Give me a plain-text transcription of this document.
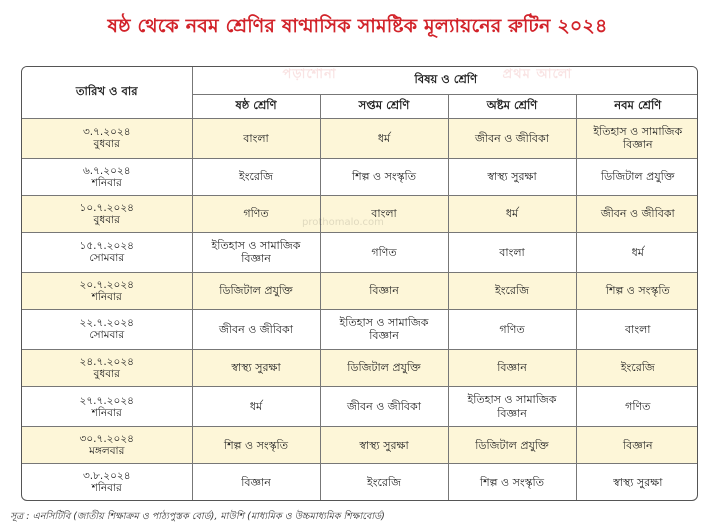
ষষ্ঠ থেকে নবম শ্রেণির ষাণ্মাসিক সামষ্টিক মূল্যায়নের রুটিন ২০২৪
তারিখ ও বার	পড়াশোনা প্রথম আলো
বিষয় ও শ্রেণি			
	ষষ্ঠ শ্রেণি	সপ্তম শ্রেণি	অষ্টম শ্রেণি	নবম শ্রেণি

৩.৭.২০২৪
বুধবার	বাংলা	ধর্ম	জীবন ও জীবিকা	ইতিহাস ও সামাজিক বিজ্ঞান

৬.৭.২০২৪
শনিবার	ইংরেজি	শিল্প ও সংস্কৃতি	স্বাস্থ্য সুরক্ষা	ডিজিটাল প্রযুক্তি

১০.৭.২০২৪
বুধবার	গণিত	বাংলা	ধর্ম	জীবন ও জীবিকা

১৫.৭.২০২৪
সোমবার	ইতিহাস ও সামাজিক বিজ্ঞান	গণিত	বাংলা	ধর্ম

২০.৭.২০২৪
শনিবার	ডিজিটাল প্রযুক্তি	বিজ্ঞান	ইংরেজি	শিল্প ও সংস্কৃতি

২২.৭.২০২৪
সোমবার	জীবন ও জীবিকা	ইতিহাস ও সামাজিক বিজ্ঞান	গণিত	বাংলা

২৪.৭.২০২৪
বুধবার	স্বাস্থ্য সুরক্ষা	ডিজিটাল প্রযুক্তি	বিজ্ঞান	ইংরেজি

২৭.৭.২০২৪
শনিবার	ধর্ম	জীবন ও জীবিকা	ইতিহাস ও সামাজিক বিজ্ঞান	গণিত

৩০.৭.২০২৪
মঙ্গলবার	শিল্প ও সংস্কৃতি	স্বাস্থ্য সুরক্ষা	ডিজিটাল প্রযুক্তি	বিজ্ঞান

৩.৮.২০২৪
শনিবার	বিজ্ঞান	ইংরেজি	শিল্প ও সংস্কৃতি	স্বাস্থ্য সুরক্ষা
সূত্র : এনসিটিবি (জাতীয় শিক্ষাক্রম ও পাঠ্যপুস্তক বোর্ড), মাউশি (মাধ্যমিক ও উচ্চমাধ্যমিক শিক্ষাবোর্ড)
